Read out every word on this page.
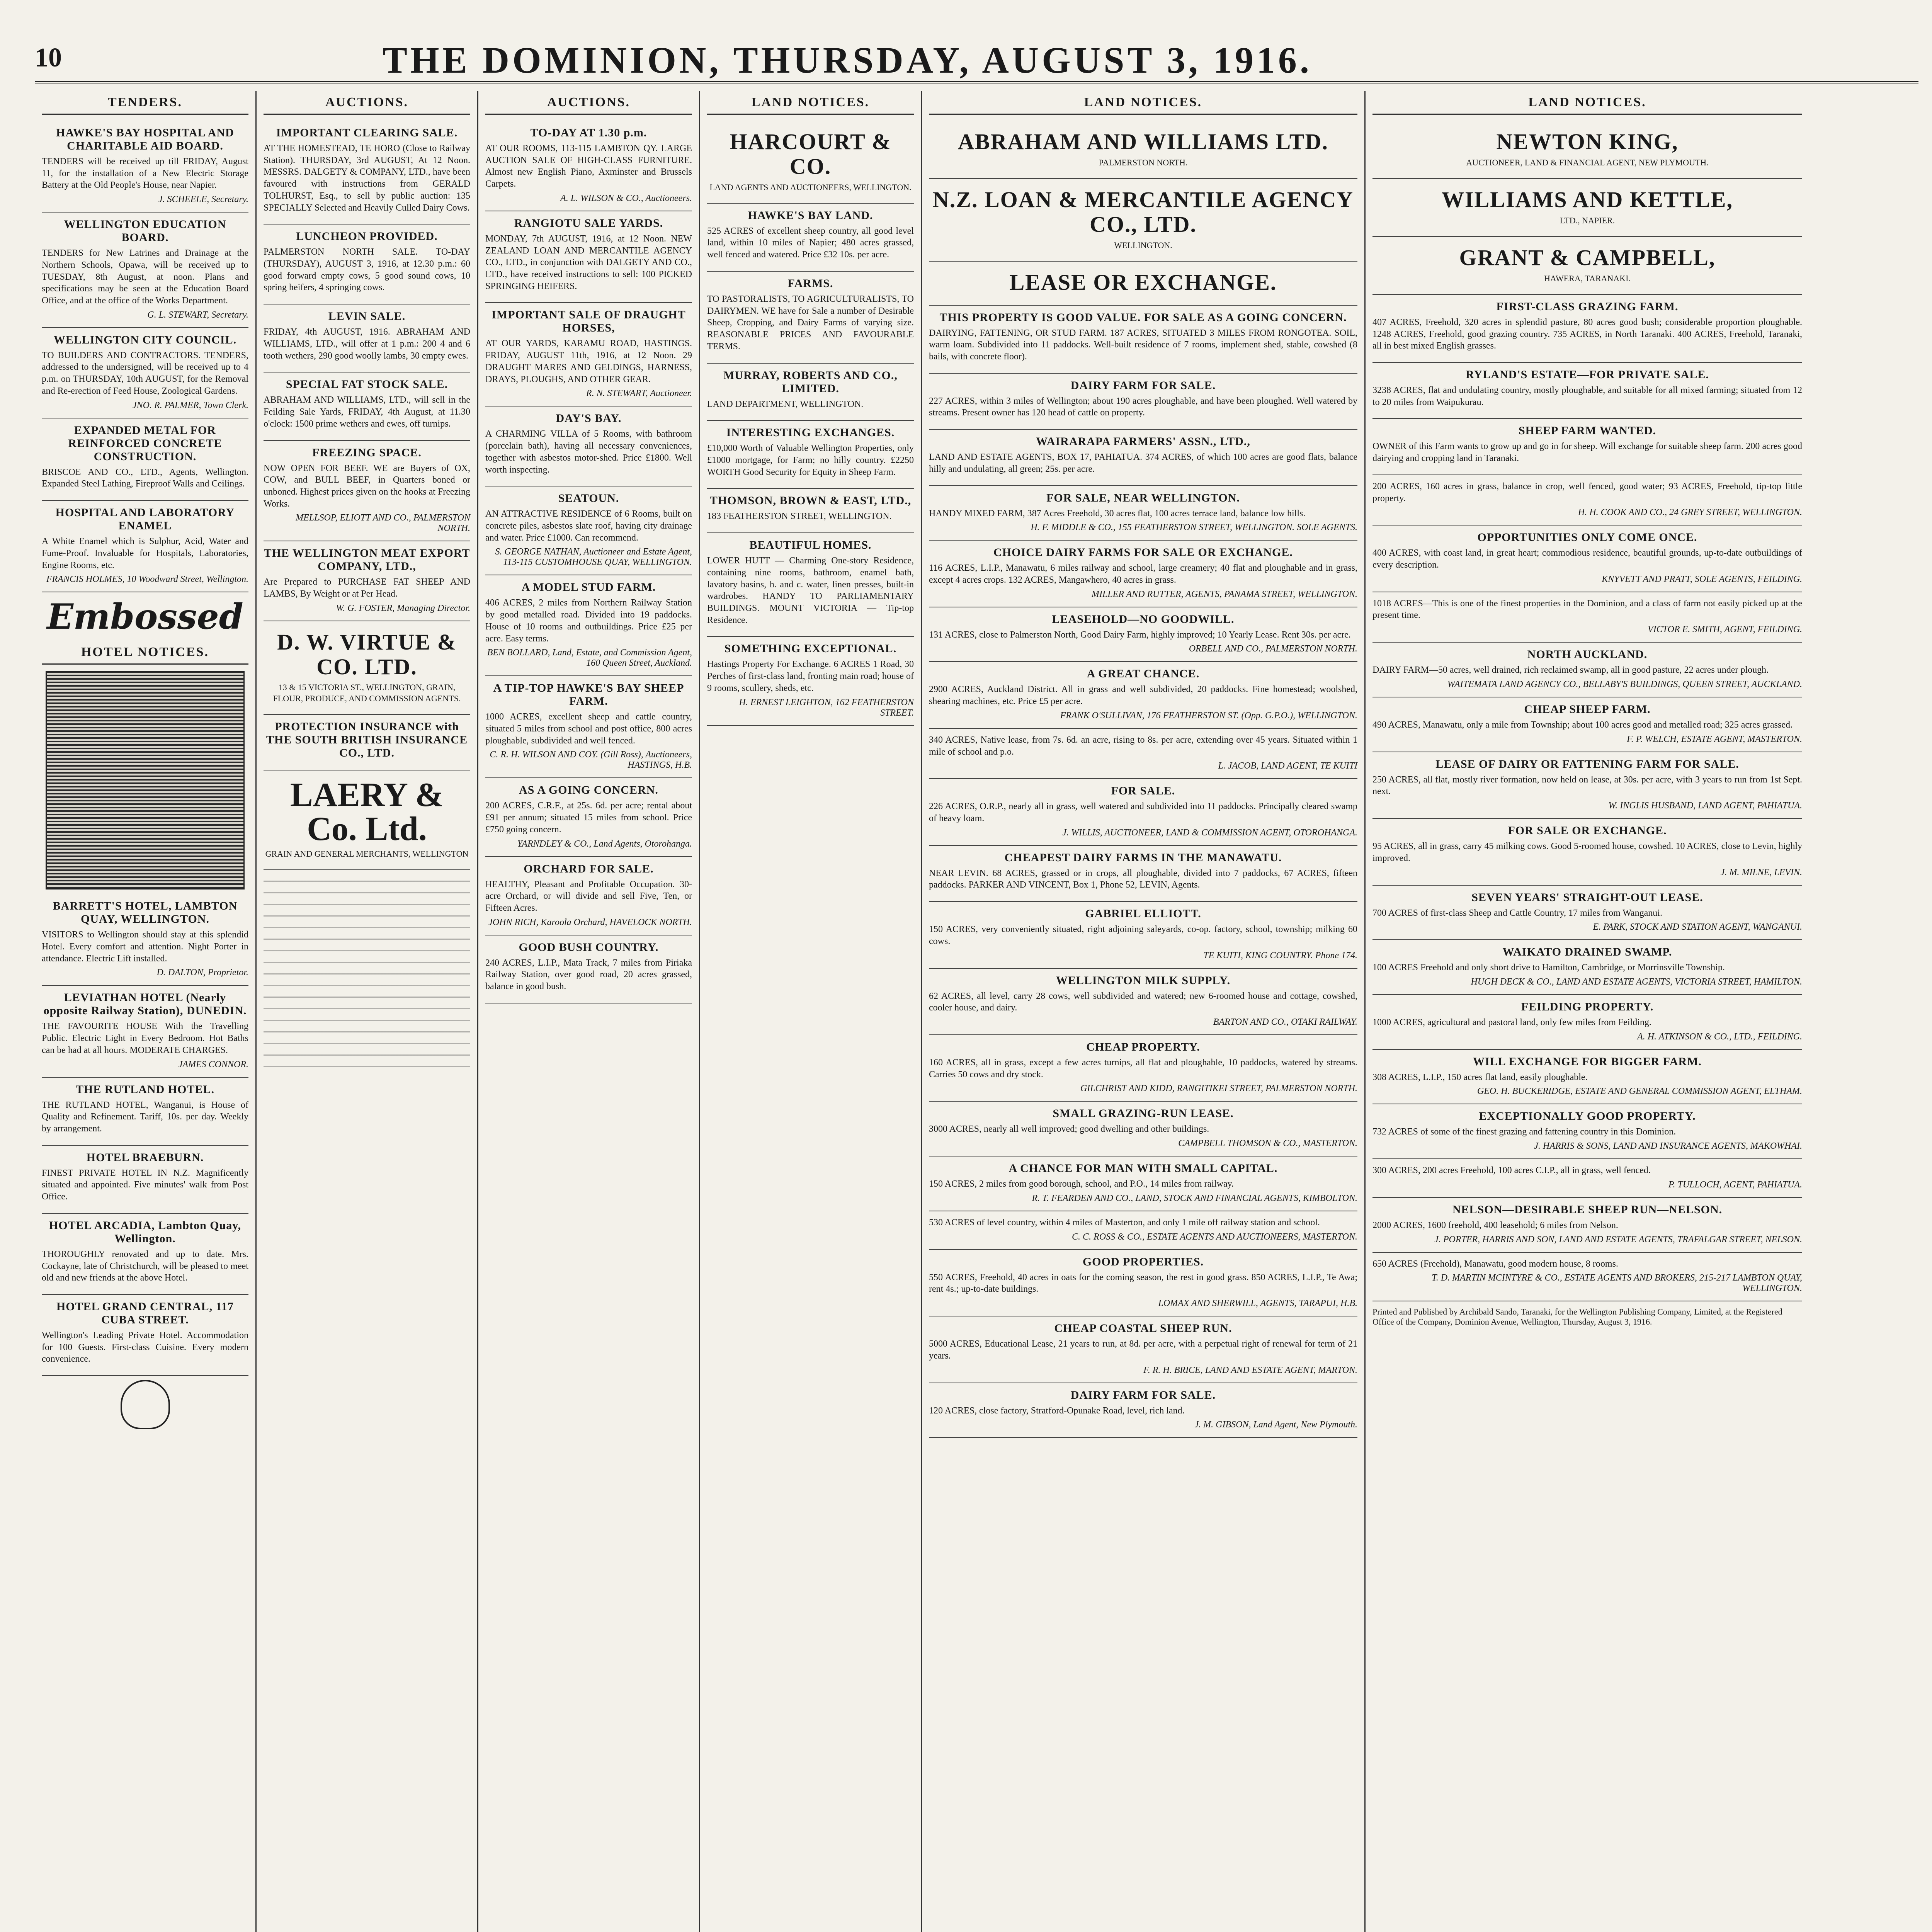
10	THE DOMINION, THURSDAY, AUGUST 3, 1916.
TENDERS.
HAWKE'S BAY HOSPITAL AND CHARITABLE AID BOARD.

TENDERS will be received up till FRIDAY, August 11, for the installation of a New Electric Storage Battery at the Old People's House, near Napier.

J. SCHEELE, Secretary.
WELLINGTON EDUCATION BOARD.

TENDERS for New Latrines and Drainage at the Northern Schools, Opawa, will be received up to TUESDAY, 8th August, at noon. Plans and specifications may be seen at the Education Board Office, and at the office of the Works Department.

G. L. STEWART, Secretary.
WELLINGTON CITY COUNCIL.

TO BUILDERS AND CONTRACTORS. TENDERS, addressed to the undersigned, will be received up to 4 p.m. on THURSDAY, 10th AUGUST, for the Removal and Re-erection of Feed House, Zoological Gardens.

JNO. R. PALMER, Town Clerk.
EXPANDED METAL FOR REINFORCED CONCRETE CONSTRUCTION.

BRISCOE AND CO., LTD., Agents, Wellington. Expanded Steel Lathing, Fireproof Walls and Ceilings.

HOSPITAL AND LABORATORY ENAMEL

A White Enamel which is Sulphur, Acid, Water and Fume-Proof. Invaluable for Hospitals, Laboratories, Engine Rooms, etc.

FRANCIS HOLMES, 10 Woodward Street, Wellington.
Embossed
HOTEL NOTICES.
BARRETT'S HOTEL, LAMBTON QUAY, WELLINGTON.

VISITORS to Wellington should stay at this splendid Hotel. Every comfort and attention. Night Porter in attendance. Electric Lift installed.

D. DALTON, Proprietor.
LEVIATHAN HOTEL (Nearly opposite Railway Station), DUNEDIN.

THE FAVOURITE HOUSE With the Travelling Public. Electric Light in Every Bedroom. Hot Baths can be had at all hours. MODERATE CHARGES.

JAMES CONNOR.
THE RUTLAND HOTEL.

THE RUTLAND HOTEL, Wanganui, is House of Quality and Refinement. Tariff, 10s. per day. Weekly by arrangement.

HOTEL BRAEBURN.

FINEST PRIVATE HOTEL IN N.Z. Magnificently situated and appointed. Five minutes' walk from Post Office.

HOTEL ARCADIA, Lambton Quay, Wellington.

THOROUGHLY renovated and up to date. Mrs. Cockayne, late of Christchurch, will be pleased to meet old and new friends at the above Hotel.

HOTEL GRAND CENTRAL, 117 CUBA STREET.

Wellington's Leading Private Hotel. Accommodation for 100 Guests. First-class Cuisine. Every modern convenience.

AUCTIONS.
IMPORTANT CLEARING SALE.

AT THE HOMESTEAD, TE HORO (Close to Railway Station). THURSDAY, 3rd AUGUST, At 12 Noon. MESSRS. DALGETY & COMPANY, LTD., have been favoured with instructions from GERALD TOLHURST, Esq., to sell by public auction: 135 SPECIALLY Selected and Heavily Culled Dairy Cows.

LUNCHEON PROVIDED.

PALMERSTON NORTH SALE. TO-DAY (THURSDAY), AUGUST 3, 1916, at 12.30 p.m.: 60 good forward empty cows, 5 good sound cows, 10 spring heifers, 4 springing cows.

LEVIN SALE.

FRIDAY, 4th AUGUST, 1916. ABRAHAM AND WILLIAMS, LTD., will offer at 1 p.m.: 200 4 and 6 tooth wethers, 290 good woolly lambs, 30 empty ewes.

SPECIAL FAT STOCK SALE.

ABRAHAM AND WILLIAMS, LTD., will sell in the Feilding Sale Yards, FRIDAY, 4th August, at 11.30 o'clock: 1500 prime wethers and ewes, off turnips.

FREEZING SPACE.

NOW OPEN FOR BEEF. WE are Buyers of OX, COW, and BULL BEEF, in Quarters boned or unboned. Highest prices given on the hooks at Freezing Works.

MELLSOP, ELIOTT AND CO., PALMERSTON NORTH.
THE WELLINGTON MEAT EXPORT COMPANY, LTD.,

Are Prepared to PURCHASE FAT SHEEP AND LAMBS, By Weight or at Per Head.

W. G. FOSTER, Managing Director.
D. W. VIRTUE & CO. LTD.

13 & 15 VICTORIA ST., WELLINGTON, GRAIN, FLOUR, PRODUCE, AND COMMISSION AGENTS.

PROTECTION INSURANCE with THE SOUTH BRITISH INSURANCE CO., LTD.
LAERY & Co. Ltd.

GRAIN AND GENERAL MERCHANTS, WELLINGTON

AUCTIONS.
TO-DAY AT 1.30 p.m.

AT OUR ROOMS, 113-115 LAMBTON QY. LARGE AUCTION SALE OF HIGH-CLASS FURNITURE. Almost new English Piano, Axminster and Brussels Carpets.

A. L. WILSON & CO., Auctioneers.
RANGIOTU SALE YARDS.

MONDAY, 7th AUGUST, 1916, at 12 Noon. NEW ZEALAND LOAN AND MERCANTILE AGENCY CO., LTD., in conjunction with DALGETY AND CO., LTD., have received instructions to sell: 100 PICKED SPRINGING HEIFERS.

IMPORTANT SALE OF DRAUGHT HORSES,

AT OUR YARDS, KARAMU ROAD, HASTINGS. FRIDAY, AUGUST 11th, 1916, at 12 Noon. 29 DRAUGHT MARES AND GELDINGS, HARNESS, DRAYS, PLOUGHS, AND OTHER GEAR.

R. N. STEWART, Auctioneer.
DAY'S BAY.

A CHARMING VILLA of 5 Rooms, with bathroom (porcelain bath), having all necessary conveniences, together with asbestos motor-shed. Price £1800. Well worth inspecting.

SEATOUN.

AN ATTRACTIVE RESIDENCE of 6 Rooms, built on concrete piles, asbestos slate roof, having city drainage and water. Price £1000. Can recommend.

S. GEORGE NATHAN, Auctioneer and Estate Agent, 113-115 CUSTOMHOUSE QUAY, WELLINGTON.
A MODEL STUD FARM.

406 ACRES, 2 miles from Northern Railway Station by good metalled road. Divided into 19 paddocks. House of 10 rooms and outbuildings. Price £25 per acre. Easy terms.

BEN BOLLARD, Land, Estate, and Commission Agent, 160 Queen Street, Auckland.
A TIP-TOP HAWKE'S BAY SHEEP FARM.

1000 ACRES, excellent sheep and cattle country, situated 5 miles from school and post office, 800 acres ploughable, subdivided and well fenced.

C. R. H. WILSON AND COY. (Gill Ross), Auctioneers, HASTINGS, H.B.
AS A GOING CONCERN.

200 ACRES, C.R.F., at 25s. 6d. per acre; rental about £91 per annum; situated 15 miles from school. Price £750 going concern.

YARNDLEY & CO., Land Agents, Otorohanga.
ORCHARD FOR SALE.

HEALTHY, Pleasant and Profitable Occupation. 30-acre Orchard, or will divide and sell Five, Ten, or Fifteen Acres.

JOHN RICH, Karoola Orchard, HAVELOCK NORTH.
GOOD BUSH COUNTRY.

240 ACRES, L.I.P., Mata Track, 7 miles from Piriaka Railway Station, over good road, 20 acres grassed, balance in good bush.

LAND NOTICES.
HARCOURT & CO.

LAND AGENTS AND AUCTIONEERS, WELLINGTON.

HAWKE'S BAY LAND.

525 ACRES of excellent sheep country, all good level land, within 10 miles of Napier; 480 acres grassed, well fenced and watered. Price £32 10s. per acre.

FARMS.

TO PASTORALISTS, TO AGRICULTURALISTS, TO DAIRYMEN. WE have for Sale a number of Desirable Sheep, Cropping, and Dairy Farms of varying size. REASONABLE PRICES AND FAVOURABLE TERMS.

MURRAY, ROBERTS AND CO., LIMITED.

LAND DEPARTMENT, WELLINGTON.

INTERESTING EXCHANGES.

£10,000 Worth of Valuable Wellington Properties, only £1000 mortgage, for Farm; no hilly country. £2250 WORTH Good Security for Equity in Sheep Farm.

THOMSON, BROWN & EAST, LTD.,

183 FEATHERSTON STREET, WELLINGTON.

BEAUTIFUL HOMES.

LOWER HUTT — Charming One-story Residence, containing nine rooms, bathroom, enamel bath, lavatory basins, h. and c. water, linen presses, built-in wardrobes. HANDY TO PARLIAMENTARY BUILDINGS. MOUNT VICTORIA — Tip-top Residence.

SOMETHING EXCEPTIONAL.

Hastings Property For Exchange. 6 ACRES 1 Road, 30 Perches of first-class land, fronting main road; house of 9 rooms, scullery, sheds, etc.

H. ERNEST LEIGHTON, 162 FEATHERSTON STREET.
LAND NOTICES.
ABRAHAM AND WILLIAMS LTD.

PALMERSTON NORTH.

N.Z. LOAN & MERCANTILE AGENCY CO., LTD.

WELLINGTON.

LEASE OR EXCHANGE.
THIS PROPERTY IS GOOD VALUE. FOR SALE AS A GOING CONCERN.

DAIRYING, FATTENING, OR STUD FARM. 187 ACRES, SITUATED 3 MILES FROM RONGOTEA. SOIL, warm loam. Subdivided into 11 paddocks. Well-built residence of 7 rooms, implement shed, stable, cowshed (8 bails, with concrete floor).

DAIRY FARM FOR SALE.

227 ACRES, within 3 miles of Wellington; about 190 acres ploughable, and have been ploughed. Well watered by streams. Present owner has 120 head of cattle on property.

WAIRARAPA FARMERS' ASSN., LTD.,

LAND AND ESTATE AGENTS, BOX 17, PAHIATUA. 374 ACRES, of which 100 acres are good flats, balance hilly and undulating, all green; 25s. per acre.

FOR SALE, NEAR WELLINGTON.

HANDY MIXED FARM, 387 Acres Freehold, 30 acres flat, 100 acres terrace land, balance low hills.

H. F. MIDDLE & CO., 155 FEATHERSTON STREET, WELLINGTON. SOLE AGENTS.
CHOICE DAIRY FARMS FOR SALE OR EXCHANGE.

116 ACRES, L.I.P., Manawatu, 6 miles railway and school, large creamery; 40 flat and ploughable and in grass, except 4 acres crops. 132 ACRES, Mangawhero, 40 acres in grass.

MILLER AND RUTTER, AGENTS, PANAMA STREET, WELLINGTON.
LEASEHOLD—NO GOODWILL.

131 ACRES, close to Palmerston North, Good Dairy Farm, highly improved; 10 Yearly Lease. Rent 30s. per acre.

ORBELL AND CO., PALMERSTON NORTH.
A GREAT CHANCE.

2900 ACRES, Auckland District. All in grass and well subdivided, 20 paddocks. Fine homestead; woolshed, shearing machines, etc. Price £5 per acre.

FRANK O'SULLIVAN, 176 FEATHERSTON ST. (Opp. G.P.O.), WELLINGTON.

340 ACRES, Native lease, from 7s. 6d. an acre, rising to 8s. per acre, extending over 45 years. Situated within 1 mile of school and p.o.

L. JACOB, LAND AGENT, TE KUITI
FOR SALE.

226 ACRES, O.R.P., nearly all in grass, well watered and subdivided into 11 paddocks. Principally cleared swamp of heavy loam.

J. WILLIS, AUCTIONEER, LAND & COMMISSION AGENT, OTOROHANGA.
CHEAPEST DAIRY FARMS IN THE MANAWATU.

NEAR LEVIN. 68 ACRES, grassed or in crops, all ploughable, divided into 7 paddocks, 67 ACRES, fifteen paddocks. PARKER AND VINCENT, Box 1, Phone 52, LEVIN, Agents.

GABRIEL ELLIOTT.

150 ACRES, very conveniently situated, right adjoining saleyards, co-op. factory, school, township; milking 60 cows.

TE KUITI, KING COUNTRY. Phone 174.
WELLINGTON MILK SUPPLY.

62 ACRES, all level, carry 28 cows, well subdivided and watered; new 6-roomed house and cottage, cowshed, cooler house, and dairy.

BARTON AND CO., OTAKI RAILWAY.
CHEAP PROPERTY.

160 ACRES, all in grass, except a few acres turnips, all flat and ploughable, 10 paddocks, watered by streams. Carries 50 cows and dry stock.

GILCHRIST AND KIDD, RANGITIKEI STREET, PALMERSTON NORTH.
SMALL GRAZING-RUN LEASE.

3000 ACRES, nearly all well improved; good dwelling and other buildings.

CAMPBELL THOMSON & CO., MASTERTON.
A CHANCE FOR MAN WITH SMALL CAPITAL.

150 ACRES, 2 miles from good borough, school, and P.O., 14 miles from railway.

R. T. FEARDEN AND CO., LAND, STOCK AND FINANCIAL AGENTS, KIMBOLTON.

530 ACRES of level country, within 4 miles of Masterton, and only 1 mile off railway station and school.

C. C. ROSS & CO., ESTATE AGENTS AND AUCTIONEERS, MASTERTON.
GOOD PROPERTIES.

550 ACRES, Freehold, 40 acres in oats for the coming season, the rest in good grass. 850 ACRES, L.I.P., Te Awa; rent 4s.; up-to-date buildings.

LOMAX AND SHERWILL, AGENTS, TARAPUI, H.B.
CHEAP COASTAL SHEEP RUN.

5000 ACRES, Educational Lease, 21 years to run, at 8d. per acre, with a perpetual right of renewal for term of 21 years.

F. R. H. BRICE, LAND AND ESTATE AGENT, MARTON.
DAIRY FARM FOR SALE.

120 ACRES, close factory, Stratford-Opunake Road, level, rich land.

J. M. GIBSON, Land Agent, New Plymouth.
LAND NOTICES.
NEWTON KING,

AUCTIONEER, LAND & FINANCIAL AGENT, NEW PLYMOUTH.

WILLIAMS AND KETTLE,

LTD., NAPIER.

GRANT & CAMPBELL,

HAWERA, TARANAKI.

FIRST-CLASS GRAZING FARM.

407 ACRES, Freehold, 320 acres in splendid pasture, 80 acres good bush; considerable proportion ploughable. 1248 ACRES, Freehold, good grazing country. 735 ACRES, in North Taranaki. 400 ACRES, Freehold, Taranaki, all in best mixed English grasses.

RYLAND'S ESTATE—FOR PRIVATE SALE.

3238 ACRES, flat and undulating country, mostly ploughable, and suitable for all mixed farming; situated from 12 to 20 miles from Waipukurau.

SHEEP FARM WANTED.

OWNER of this Farm wants to grow up and go in for sheep. Will exchange for suitable sheep farm. 200 acres good dairying and cropping land in Taranaki.

200 ACRES, 160 acres in grass, balance in crop, well fenced, good water; 93 ACRES, Freehold, tip-top little property.

H. H. COOK AND CO., 24 GREY STREET, WELLINGTON.
OPPORTUNITIES ONLY COME ONCE.

400 ACRES, with coast land, in great heart; commodious residence, beautiful grounds, up-to-date outbuildings of every description.

KNYVETT AND PRATT, SOLE AGENTS, FEILDING.

1018 ACRES—This is one of the finest properties in the Dominion, and a class of farm not easily picked up at the present time.

VICTOR E. SMITH, AGENT, FEILDING.
NORTH AUCKLAND.

DAIRY FARM—50 acres, well drained, rich reclaimed swamp, all in good pasture, 22 acres under plough.

WAITEMATA LAND AGENCY CO., BELLABY'S BUILDINGS, QUEEN STREET, AUCKLAND.
CHEAP SHEEP FARM.

490 ACRES, Manawatu, only a mile from Township; about 100 acres good and metalled road; 325 acres grassed.

F. P. WELCH, ESTATE AGENT, MASTERTON.
LEASE OF DAIRY OR FATTENING FARM FOR SALE.

250 ACRES, all flat, mostly river formation, now held on lease, at 30s. per acre, with 3 years to run from 1st Sept. next.

W. INGLIS HUSBAND, LAND AGENT, PAHIATUA.
FOR SALE OR EXCHANGE.

95 ACRES, all in grass, carry 45 milking cows. Good 5-roomed house, cowshed. 10 ACRES, close to Levin, highly improved.

J. M. MILNE, LEVIN.
SEVEN YEARS' STRAIGHT-OUT LEASE.

700 ACRES of first-class Sheep and Cattle Country, 17 miles from Wanganui.

E. PARK, STOCK AND STATION AGENT, WANGANUI.
WAIKATO DRAINED SWAMP.

100 ACRES Freehold and only short drive to Hamilton, Cambridge, or Morrinsville Township.

HUGH DECK & CO., LAND AND ESTATE AGENTS, VICTORIA STREET, HAMILTON.
FEILDING PROPERTY.

1000 ACRES, agricultural and pastoral land, only few miles from Feilding.

A. H. ATKINSON & CO., LTD., FEILDING.
WILL EXCHANGE FOR BIGGER FARM.

308 ACRES, L.I.P., 150 acres flat land, easily ploughable.

GEO. H. BUCKERIDGE, ESTATE AND GENERAL COMMISSION AGENT, ELTHAM.
EXCEPTIONALLY GOOD PROPERTY.

732 ACRES of some of the finest grazing and fattening country in this Dominion.

J. HARRIS & SONS, LAND AND INSURANCE AGENTS, MAKOWHAI.

300 ACRES, 200 acres Freehold, 100 acres C.I.P., all in grass, well fenced.

P. TULLOCH, AGENT, PAHIATUA.
NELSON—DESIRABLE SHEEP RUN—NELSON.

2000 ACRES, 1600 freehold, 400 leasehold; 6 miles from Nelson.

J. PORTER, HARRIS AND SON, LAND AND ESTATE AGENTS, TRAFALGAR STREET, NELSON.

650 ACRES (Freehold), Manawatu, good modern house, 8 rooms.

T. D. MARTIN MCINTYRE & CO., ESTATE AGENTS AND BROKERS, 215-217 LAMBTON QUAY, WELLINGTON.

Printed and Published by Archibald Sando, Taranaki, for the Wellington Publishing Company, Limited, at the Registered Office of the Company, Dominion Avenue, Wellington, Thursday, August 3, 1916.
